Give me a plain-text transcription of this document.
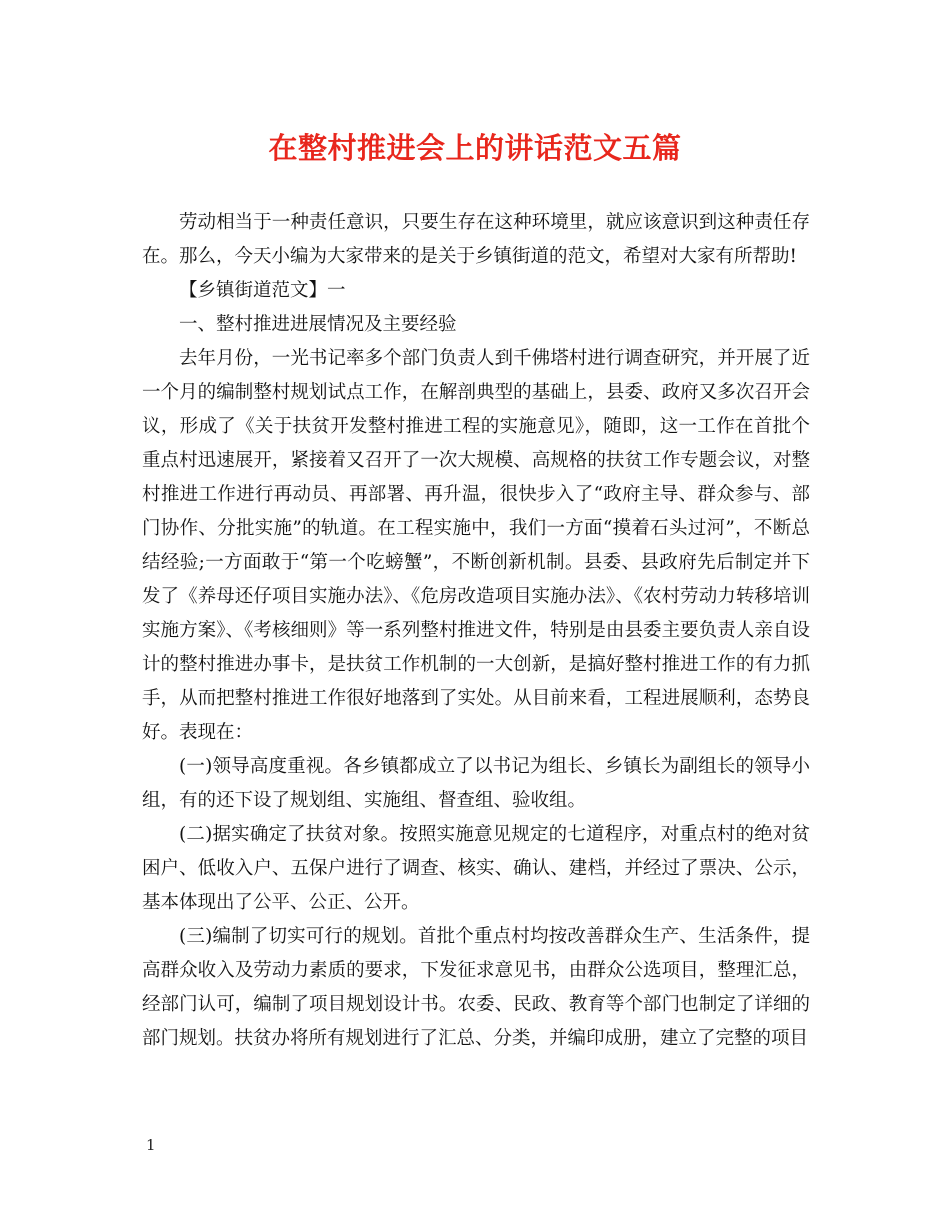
在整村推进会上的讲话范文五篇

劳动相当于一种责任意识，只要生存在这种环境里，就应该意识到这种责任存在。那么，今天小编为大家带来的是关于乡镇街道的范文，希望对大家有所帮助!

【乡镇街道范文】一

一、整村推进进展情况及主要经验

去年月份，一光书记率多个部门负责人到千佛塔村进行调查研究，并开展了近一个月的编制整村规划试点工作，在解剖典型的基础上，县委、政府又多次召开会议，形成了《关于扶贫开发整村推进工程的实施意见》，随即，这一工作在首批个重点村迅速展开，紧接着又召开了一次大规模、高规格的扶贫工作专题会议，对整村推进工作进行再动员、再部署、再升温，很快步入了“政府主导、群众参与、部门协作、分批实施”的轨道。在工程实施中，我们一方面“摸着石头过河”，不断总结经验;一方面敢于“第一个吃螃蟹”，不断创新机制。县委、县政府先后制定并下发了《养母还仔项目实施办法》、《危房改造项目实施办法》、《农村劳动力转移培训实施方案》、《考核细则》等一系列整村推进文件，特别是由县委主要负责人亲自设计的整村推进办事卡，是扶贫工作机制的一大创新，是搞好整村推进工作的有力抓手，从而把整村推进工作很好地落到了实处。从目前来看，工程进展顺利，态势良好。表现在：

(一)领导高度重视。各乡镇都成立了以书记为组长、乡镇长为副组长的领导小组，有的还下设了规划组、实施组、督查组、验收组。

(二)据实确定了扶贫对象。按照实施意见规定的七道程序，对重点村的绝对贫困户、低收入户、五保户进行了调查、核实、确认、建档，并经过了票决、公示，基本体现出了公平、公正、公开。

(三)编制了切实可行的规划。首批个重点村均按改善群众生产、生活条件，提高群众收入及劳动力素质的要求，下发征求意见书，由群众公选项目，整理汇总，经部门认可，编制了项目规划设计书。农委、民政、教育等个部门也制定了详细的部门规划。扶贫办将所有规划进行了汇总、分类，并编印成册，建立了完整的项目

1
